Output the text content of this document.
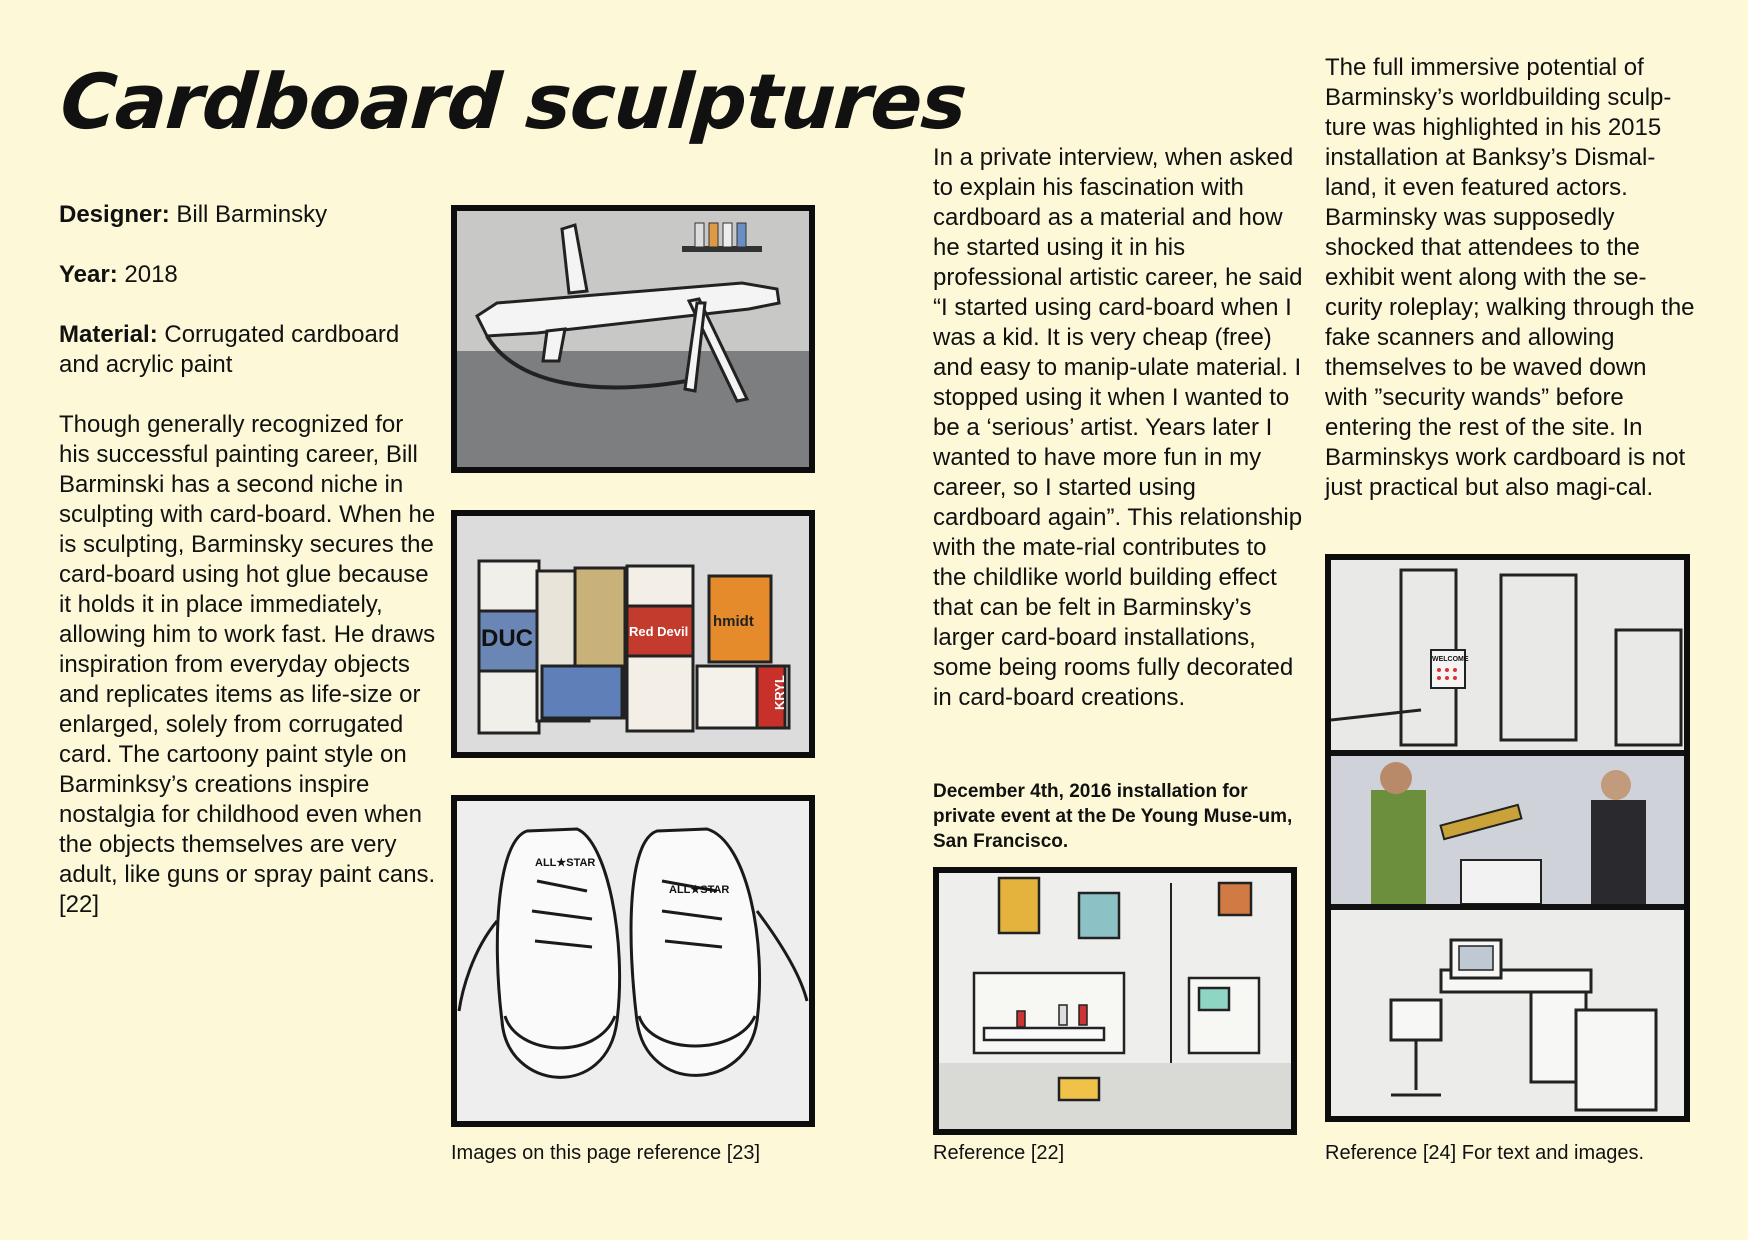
Cardboard sculptures

Designer: Bill Barminsky

Year: 2018

Material: Corrugated cardboard and acrylic paint

Though generally recognized for his successful painting career, Bill Barminski has a second niche in sculpting with card-board. When he is sculpting, Barminsky secures the card-board using hot glue because it holds it in place immediately, allowing him to work fast. He draws inspiration from everyday objects and replicates items as life-size or enlarged, solely from corrugated card. The cartoony paint style on Barminksy’s creations inspire nostalgia for childhood even when the objects themselves are very adult, like guns or spray paint cans. [22]

DUC	Red Devil
hmidt
KRYL
ALL★STAR
ALL★STAR
Images on this page reference [23]

In a private interview, when asked to explain his fascination with cardboard as a material and how he started using it in his professional artistic career, he said “I started using card-board when I was a kid. It is very cheap (free) and easy to manip-ulate material. I stopped using it when I wanted to be a ‘serious’ artist. Years later I wanted to have more fun in my career, so I started using cardboard again”. This relationship with the mate-rial contributes to the childlike world building effect that can be felt in Barminsky’s larger card-board installations, some being rooms fully decorated in card-board creations.

December 4th, 2016 installation for private event at the De Young Muse-um, San Francisco.
Reference [22]

The full immersive potential of Barminsky’s worldbuilding sculp-ture was highlighted in his 2015 installation at Banksy’s Dismal-land, it even featured actors. Barminsky was supposedly shocked that attendees to the exhibit went along with the se-curity roleplay; walking through the fake scanners and allowing themselves to be waved down with ”security wands” before entering the rest of the site. In Barminskys work cardboard is not just practical but also magi-cal.

WELCOME
Reference [24] For text and images.
